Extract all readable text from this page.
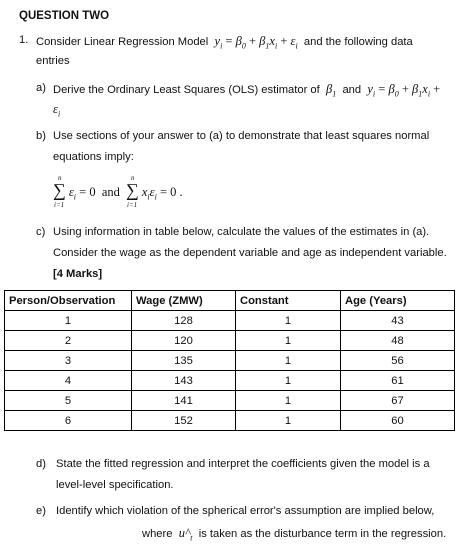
QUESTION TWO
1. Consider Linear Regression Model  $y_i = \beta_0 + \beta_1x_i + \varepsilon_i$ and the following data
entries
a) Derive the Ordinary Least Squares (OLS) estimator of  $\beta_1$ and  $y_i = \beta_0 + \beta_1x_i$ +
$\varepsilon_i$
b) Use sections of your answer to (a) to demonstrate that least squares normal
equations imply:
∑
n
i=1
$\varepsilon_i = 0$  and ∑
n
i=1
$x_i\varepsilon_i = 0$ .
c) Using information in table below, calculate the values of the estimates in (a).
Consider the wage as the dependent variable and age as independent variable.
[4 Marks]
Person/Observation	Wage (ZMW)	Constant	Age (Years)
1	128	1	43
2	120	1	48
3	135	1	56
4	143	1	61
5	141	1	67
6	152	1	60
d) State the fitted regression and interpret the coefficients given the model is a
level-level specification.
e) Identify which violation of the spherical error's assumption are implied below,
where $u\^{}_t$ is taken as the disturbance term in the regression.
